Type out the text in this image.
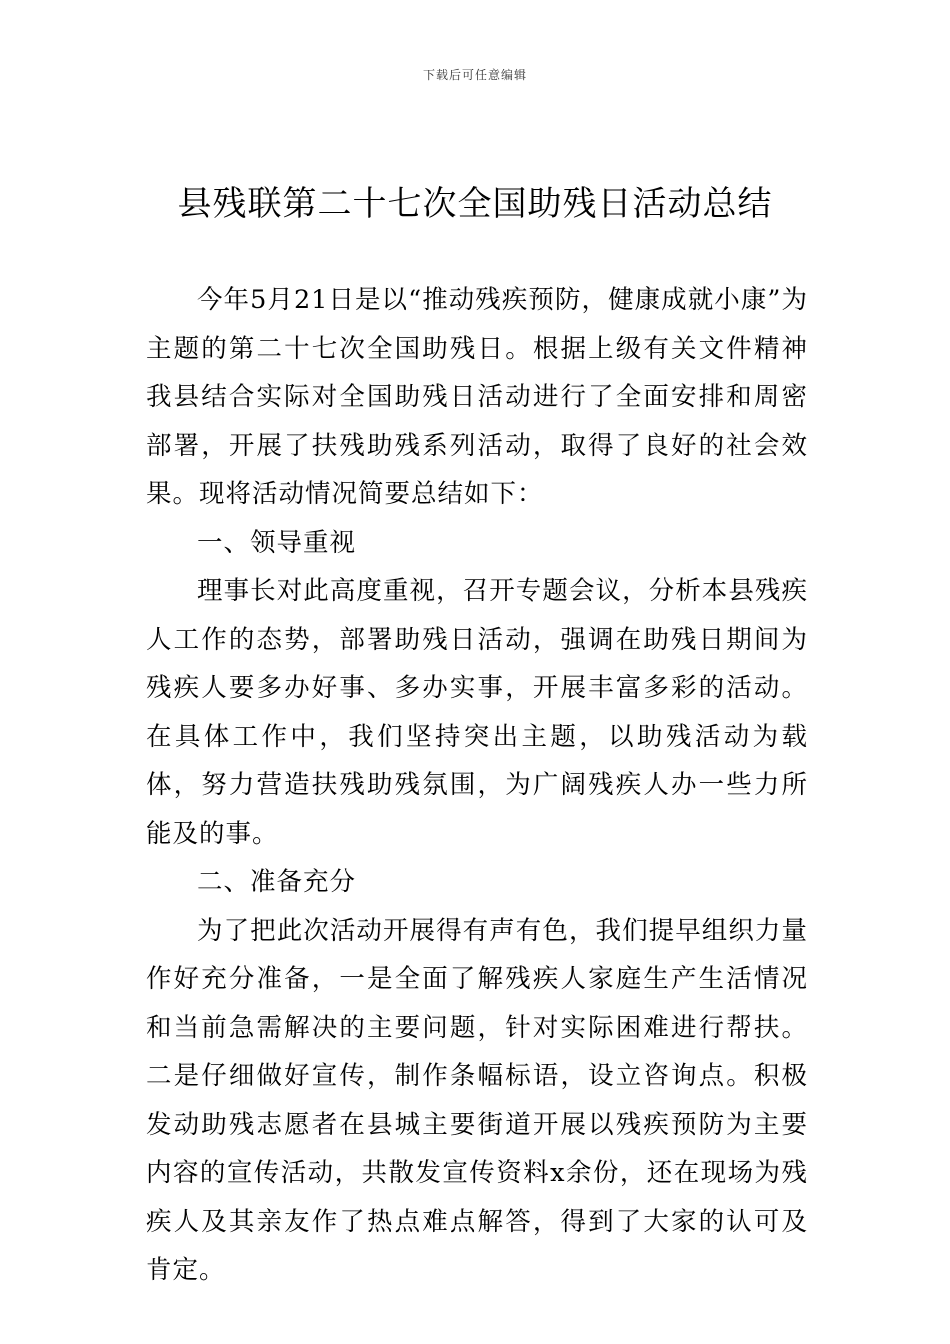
下载后可任意编辑
县残联第二十七次全国助残日活动总结

今年5月21日是以“推动残疾预防，健康成就小康”为主题的第二十七次全国助残日。根据上级有关文件精神我县结合实际对全国助残日活动进行了全面安排和周密部署，开展了扶残助残系列活动，取得了良好的社会效果。现将活动情况简要总结如下：

一、领导重视

理事长对此高度重视，召开专题会议，分析本县残疾人工作的态势，部署助残日活动，强调在助残日期间为残疾人要多办好事、多办实事，开展丰富多彩的活动。在具体工作中，我们坚持突出主题，以助残活动为载体，努力营造扶残助残氛围，为广阔残疾人办一些力所能及的事。

二、准备充分

为了把此次活动开展得有声有色，我们提早组织力量作好充分准备，一是全面了解残疾人家庭生产生活情况和当前急需解决的主要问题，针对实际困难进行帮扶。二是仔细做好宣传，制作条幅标语，设立咨询点。积极发动助残志愿者在县城主要街道开展以残疾预防为主要内容的宣传活动，共散发宣传资料x余份，还在现场为残疾人及其亲友作了热点难点解答，得到了大家的认可及肯定。
